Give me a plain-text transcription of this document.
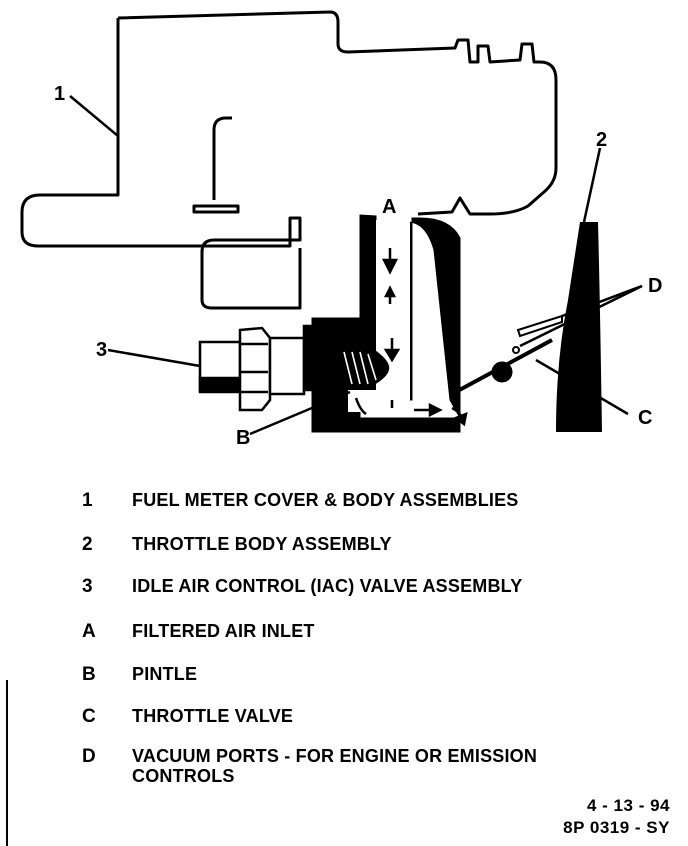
1
2
3
A
B
C
D
1	FUEL METER COVER & BODY ASSEMBLIES
2	THROTTLE BODY ASSEMBLY
3	IDLE AIR CONTROL (IAC) VALVE ASSEMBLY
A	FILTERED AIR INLET
B	PINTLE
C	THROTTLE VALVE
D	VACUUM PORTS - FOR ENGINE OR EMISSION CONTROLS
4 - 13 - 94
8P 0319 - SY
